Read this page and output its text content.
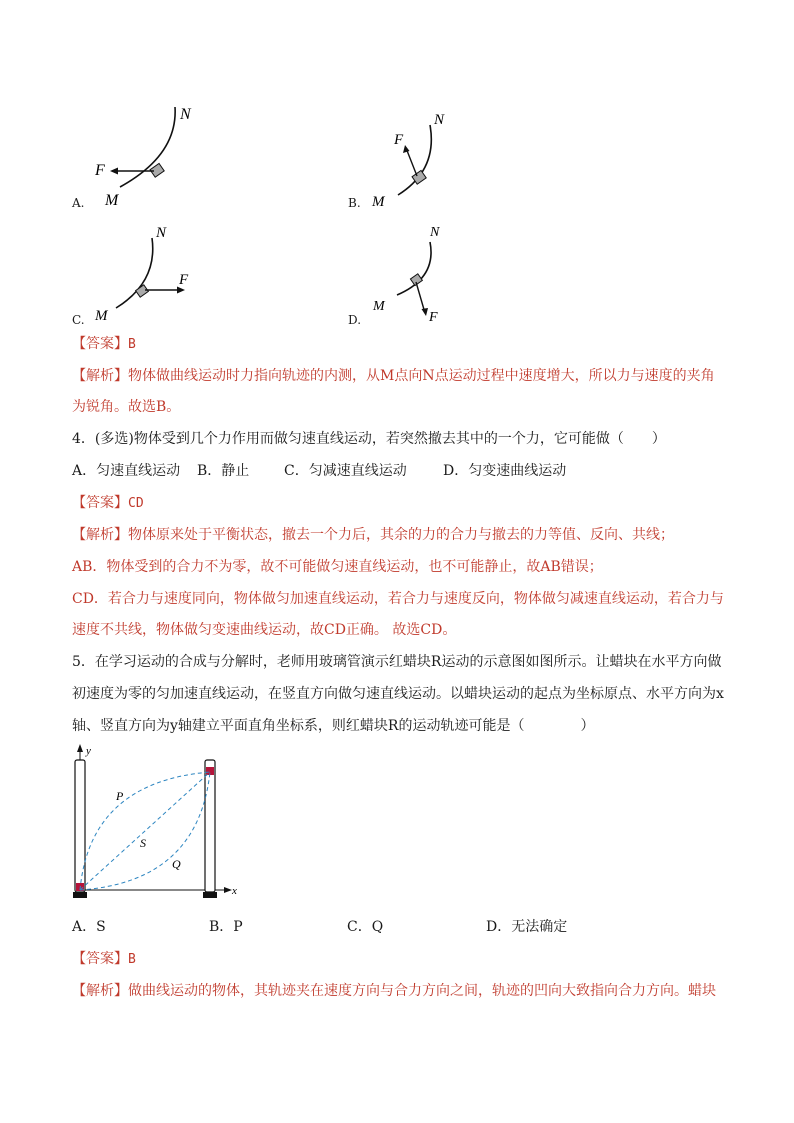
N
F
M
A.
N
F
M
B.
N
F
M
C.
N
M
F
D.
【答案】B
【解析】物体做曲线运动时力指向轨迹的内测，从M点向N点运动过程中速度增大，所以力与速度的夹角
为锐角。故选B。
4．(多选)物体受到几个力作用而做匀速直线运动，若突然撤去其中的一个力，它可能做（　　）
A．匀速直线运动 B．静止 C．匀减速直线运动	D．匀变速曲线运动
【答案】CD
【解析】物体原来处于平衡状态，撤去一个力后，其余的力的合力与撤去的力等值、反向、共线；
AB．物体受到的合力不为零，故不可能做匀速直线运动，也不可能静止，故AB错误；
CD．若合力与速度同向，物体做匀加速直线运动，若合力与速度反向，物体做匀减速直线运动，若合力与
速度不共线，物体做匀变速曲线运动，故CD正确。 故选CD。
5．在学习运动的合成与分解时，老师用玻璃管演示红蜡块R运动的示意图如图所示。让蜡块在水平方向做
初速度为零的匀加速直线运动，在竖直方向做匀速直线运动。以蜡块运动的起点为坐标原点、水平方向为x
轴、竖直方向为y轴建立平面直角坐标系，则红蜡块R的运动轨迹可能是（　　　　）
y
x
P
S
Q
A．S	B．P	C．Q	D．无法确定
【答案】B
【解析】做曲线运动的物体，其轨迹夹在速度方向与合力方向之间，轨迹的凹向大致指向合力方向。蜡块
